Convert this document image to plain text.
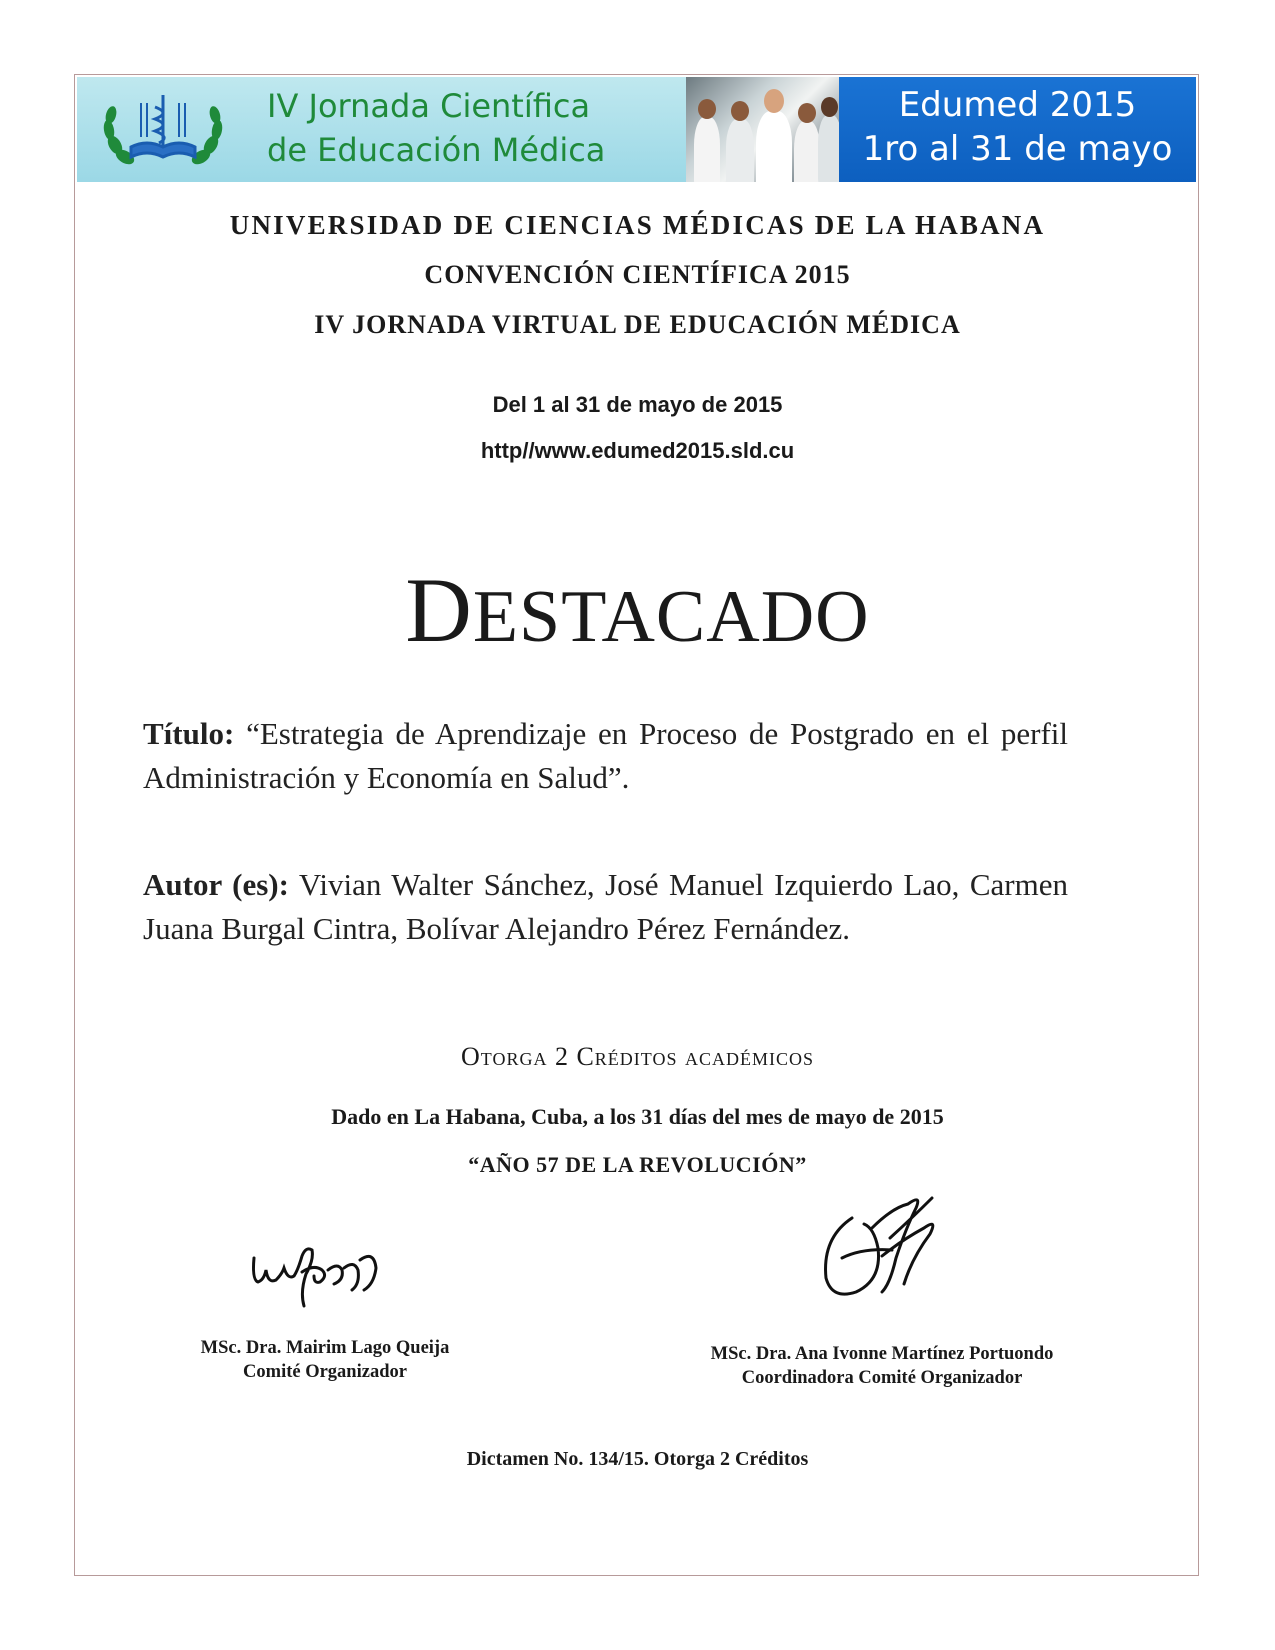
IV Jornada Científica
de Educación Médica
Edumed 2015
1ro al 31 de mayo
UNIVERSIDAD DE CIENCIAS MÉDICAS DE LA HABANA
CONVENCIÓN CIENTÍFICA 2015
IV JORNADA VIRTUAL DE EDUCACIÓN MÉDICA
Del 1 al 31 de mayo de 2015
http//www.edumed2015.sld.cu
DESTACADO
Título: “Estrategia de Aprendizaje en Proceso de Postgrado en el perfil Administración y Economía en Salud”.
Autor (es): Vivian Walter Sánchez, José Manuel Izquierdo Lao, Carmen Juana Burgal Cintra, Bolívar Alejandro Pérez Fernández.
Otorga 2 Créditos académicos
Dado en La Habana, Cuba, a los 31 días del mes de mayo de 2015
“AÑO 57 DE LA REVOLUCIÓN”
MSc. Dra. Mairim Lago Queija
Comité Organizador
MSc. Dra. Ana Ivonne Martínez Portuondo
Coordinadora Comité Organizador
Dictamen No. 134/15. Otorga 2 Créditos
